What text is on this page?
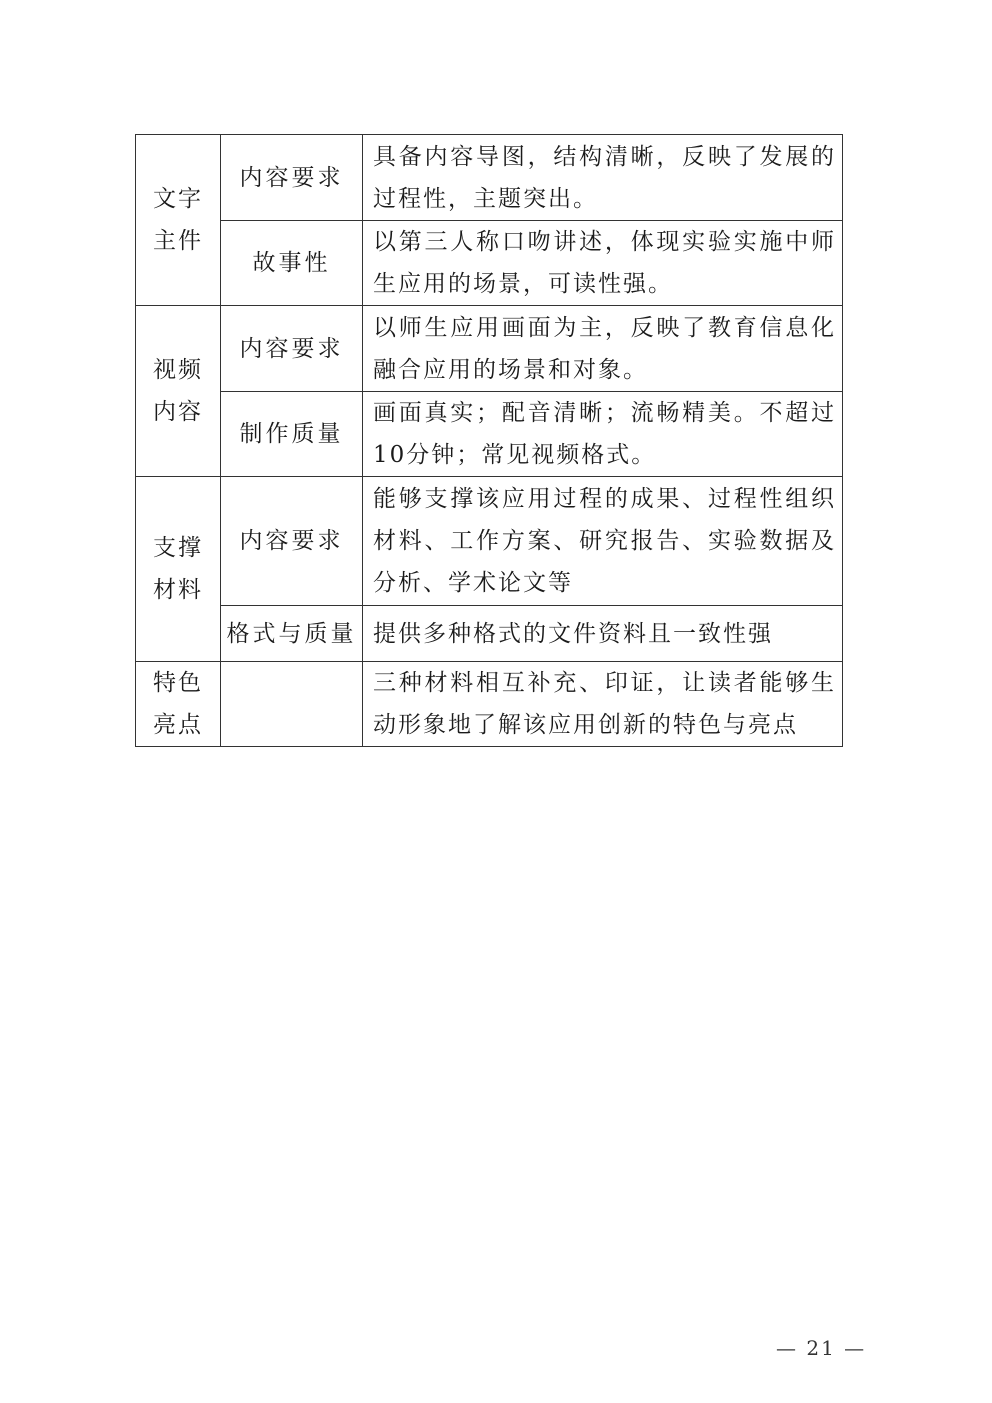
文字主件	内容要求	具备内容导图，结构清晰，反映了发展的过程性，主题突出。
	故事性	以第三人称口吻讲述，体现实验实施中师生应用的场景，可读性强。
视频内容	内容要求	以师生应用画面为主，反映了教育信息化融合应用的场景和对象。
	制作质量	画面真实；配音清晰；流畅精美。不超过10分钟；常见视频格式。
支撑材料	内容要求	能够支撑该应用过程的成果、过程性组织材料、工作方案、研究报告、实验数据及分析、学术论文等
	格式与质量	提供多种格式的文件资料且一致性强
特色亮点		三种材料相互补充、印证，让读者能够生动形象地了解该应用创新的特色与亮点
— 21 —
